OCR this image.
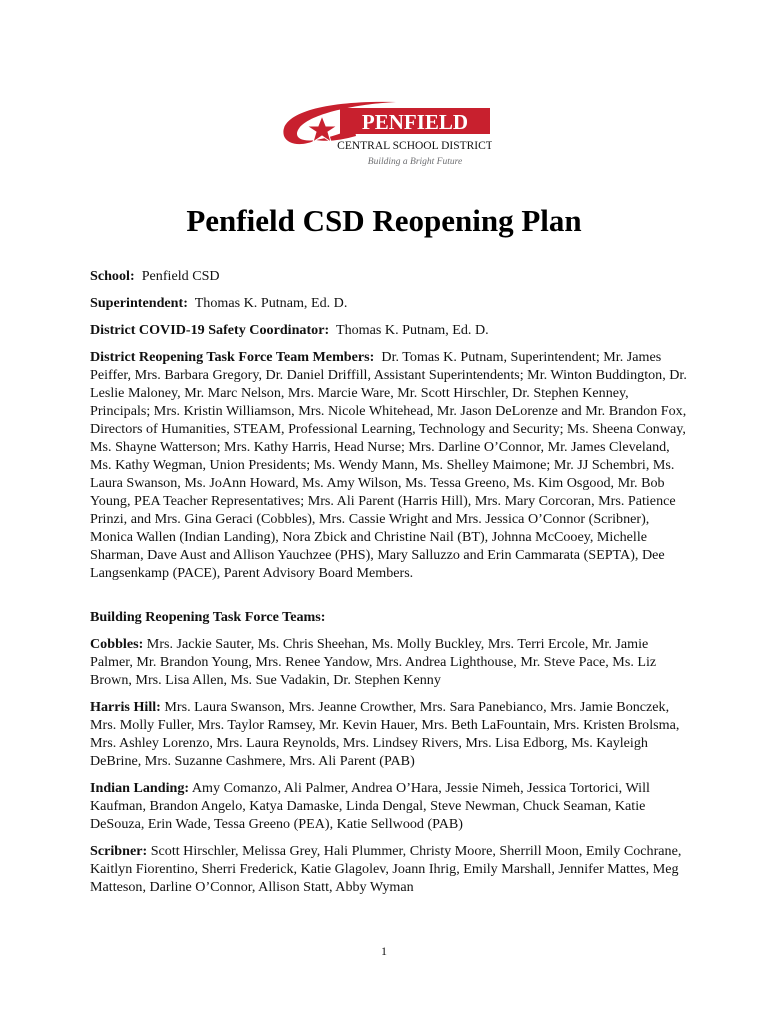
PENFIELD
CENTRAL SCHOOL DISTRICT
Building a Bright Future
Penfield CSD Reopening Plan

School: Penfield CSD

Superintendent: Thomas K. Putnam, Ed. D.

District COVID-19 Safety Coordinator: Thomas K. Putnam, Ed. D.

District Reopening Task Force Team Members: Dr. Tomas K. Putnam, Superintendent; Mr. James Peiffer, Mrs. Barbara Gregory, Dr. Daniel Driffill, Assistant Superintendents; Mr. Winton Buddington, Dr. Leslie Maloney, Mr. Marc Nelson, Mrs. Marcie Ware, Mr. Scott Hirschler, Dr. Stephen Kenney, Principals; Mrs. Kristin Williamson, Mrs. Nicole Whitehead, Mr. Jason DeLorenze and Mr. Brandon Fox, Directors of Humanities, STEAM, Professional Learning, Technology and Security; Ms. Sheena Conway, Ms. Shayne Watterson; Mrs. Kathy Harris, Head Nurse; Mrs. Darline O’Connor, Mr. James Cleveland, Ms. Kathy Wegman, Union Presidents; Ms. Wendy Mann, Ms. Shelley Maimone; Mr. JJ Schembri, Ms. Laura Swanson, Ms. JoAnn Howard, Ms. Amy Wilson, Ms. Tessa Greeno, Ms. Kim Osgood, Mr. Bob Young, PEA Teacher Representatives; Mrs. Ali Parent (Harris Hill), Mrs. Mary Corcoran, Mrs. Patience Prinzi, and Mrs. Gina Geraci (Cobbles), Mrs. Cassie Wright and Mrs. Jessica O’Connor (Scribner), Monica Wallen (Indian Landing), Nora Zbick and Christine Nail (BT), Johnna McCooey, Michelle Sharman, Dave Aust and Allison Yauchzee (PHS), Mary Salluzzo and Erin Cammarata (SEPTA), Dee Langsenkamp (PACE), Parent Advisory Board Members.

Building Reopening Task Force Teams:

Cobbles: Mrs. Jackie Sauter, Ms. Chris Sheehan, Ms. Molly Buckley, Mrs. Terri Ercole, Mr. Jamie Palmer, Mr. Brandon Young, Mrs. Renee Yandow, Mrs. Andrea Lighthouse, Mr. Steve Pace, Ms. Liz Brown, Mrs. Lisa Allen, Ms. Sue Vadakin, Dr. Stephen Kenny

Harris Hill: Mrs. Laura Swanson, Mrs. Jeanne Crowther, Mrs. Sara Panebianco, Mrs. Jamie Bonczek, Mrs. Molly Fuller, Mrs. Taylor Ramsey, Mr. Kevin Hauer, Mrs. Beth LaFountain, Mrs. Kristen Brolsma, Mrs. Ashley Lorenzo, Mrs. Laura Reynolds, Mrs. Lindsey Rivers, Mrs. Lisa Edborg, Ms. Kayleigh DeBrine, Mrs. Suzanne Cashmere, Mrs. Ali Parent (PAB)

Indian Landing: Amy Comanzo, Ali Palmer, Andrea O’Hara, Jessie Nimeh, Jessica Tortorici, Will Kaufman, Brandon Angelo, Katya Damaske, Linda Dengal, Steve Newman, Chuck Seaman, Katie DeSouza, Erin Wade, Tessa Greeno (PEA), Katie Sellwood (PAB)

Scribner: Scott Hirschler, Melissa Grey, Hali Plummer, Christy Moore, Sherrill Moon, Emily Cochrane, Kaitlyn Fiorentino, Sherri Frederick, Katie Glagolev, Joann Ihrig, Emily Marshall, Jennifer Mattes, Meg Matteson, Darline O’Connor, Allison Statt, Abby Wyman

1
